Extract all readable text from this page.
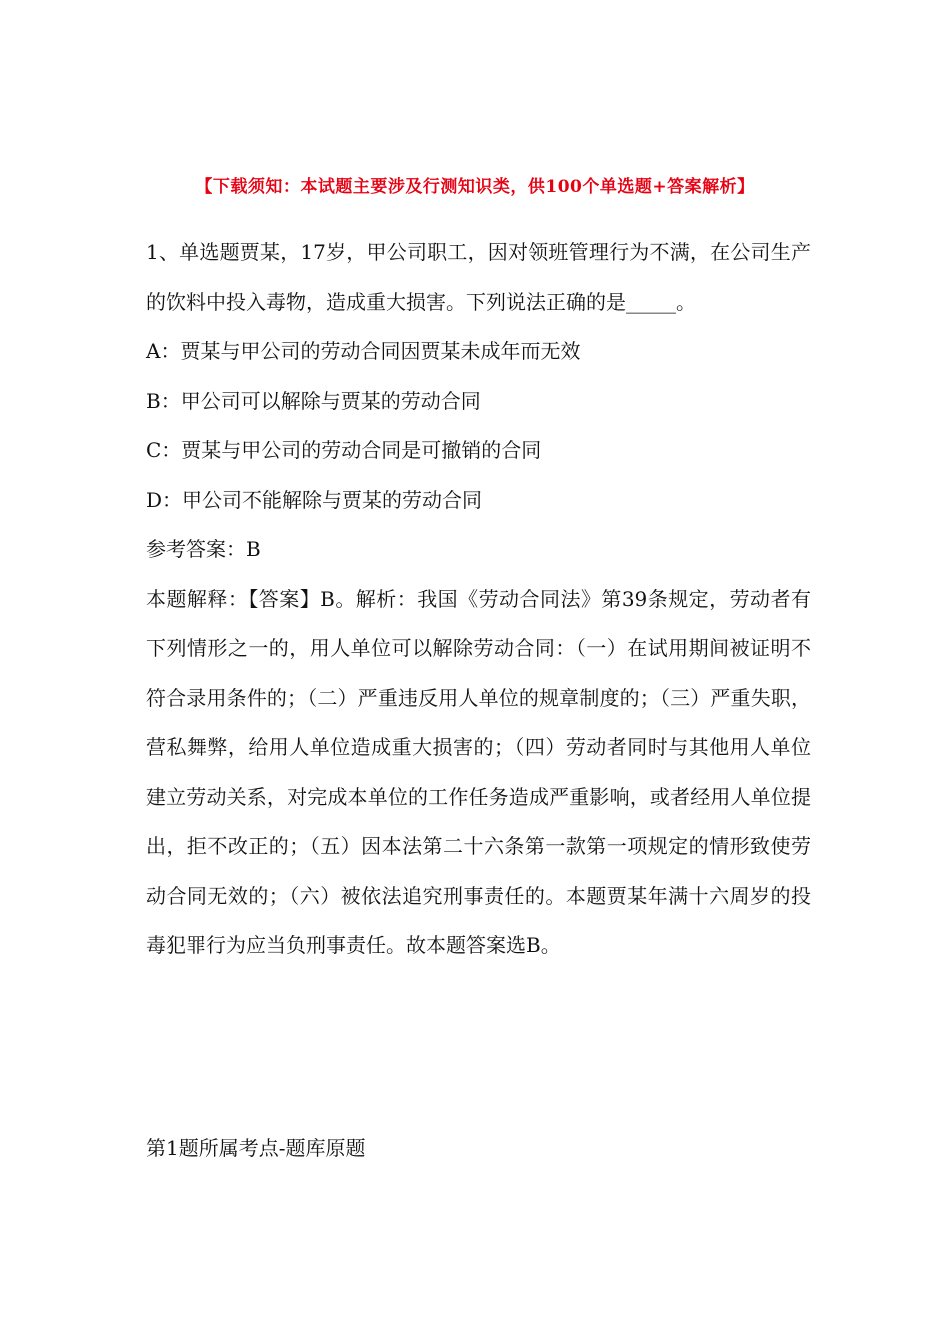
【下载须知：本试题主要涉及行测知识类，供100个单选题+答案解析】

1、单选题贾某，17岁，甲公司职工，因对领班管理行为不满，在公司生产的饮料中投入毒物，造成重大损害。下列说法正确的是_____。

A：贾某与甲公司的劳动合同因贾某未成年而无效

B：甲公司可以解除与贾某的劳动合同

C：贾某与甲公司的劳动合同是可撤销的合同

D：甲公司不能解除与贾某的劳动合同

参考答案：B

本题解释：【答案】B。解析：我国《劳动合同法》第39条规定，劳动者有下列情形之一的，用人单位可以解除劳动合同：（一）在试用期间被证明不符合录用条件的；（二）严重违反用人单位的规章制度的；（三）严重失职，营私舞弊，给用人单位造成重大损害的；（四）劳动者同时与其他用人单位建立劳动关系，对完成本单位的工作任务造成严重影响，或者经用人单位提出，拒不改正的；（五）因本法第二十六条第一款第一项规定的情形致使劳动合同无效的；（六）被依法追究刑事责任的。本题贾某年满十六周岁的投毒犯罪行为应当负刑事责任。故本题答案选B。

第1题所属考点-题库原题
